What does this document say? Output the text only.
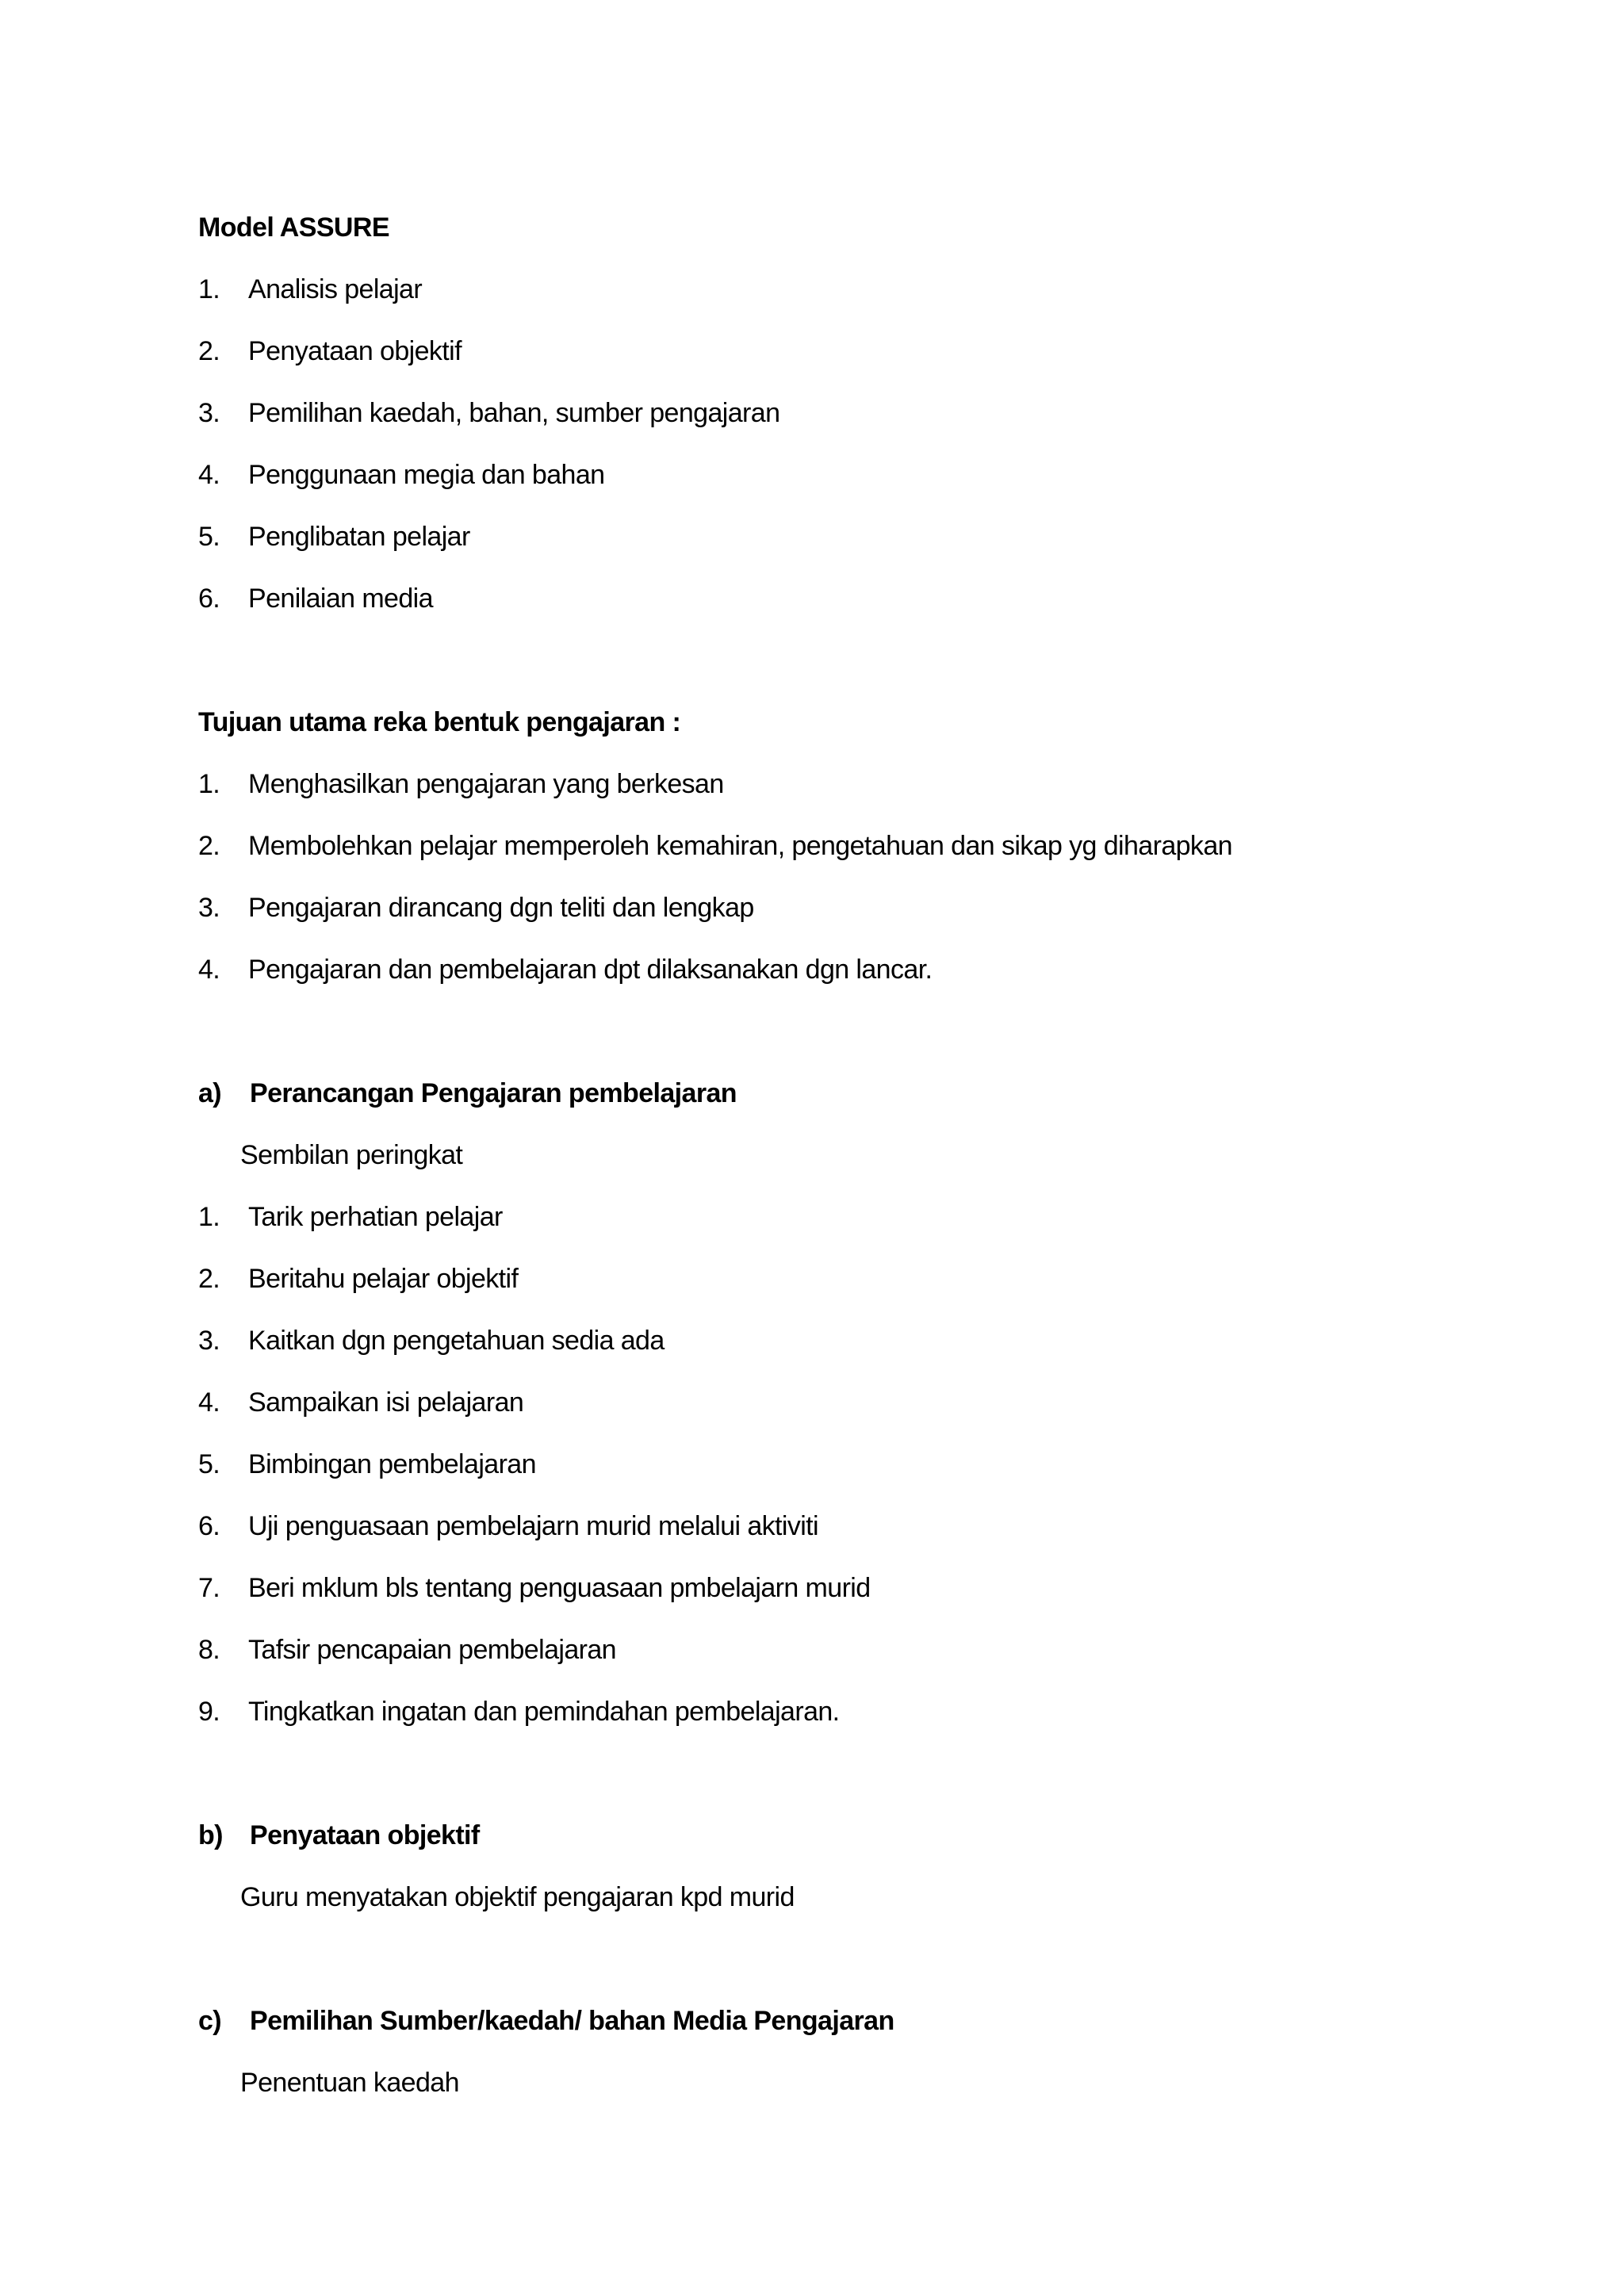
Model ASSURE
1.	Analisis pelajar
2.	Penyataan objektif
3.	Pemilihan kaedah, bahan, sumber pengajaran
4.	Penggunaan megia dan bahan
5.	Penglibatan pelajar
6.	Penilaian media
Tujuan utama reka bentuk pengajaran :
1.	Menghasilkan pengajaran yang berkesan
2.	Membolehkan pelajar memperoleh kemahiran, pengetahuan dan sikap yg diharapkan
3.	Pengajaran dirancang dgn teliti dan lengkap
4.	Pengajaran dan pembelajaran dpt dilaksanakan dgn lancar.
a) Perancangan Pengajaran pembelajaran
Sembilan peringkat
1.	Tarik perhatian pelajar
2.	Beritahu pelajar objektif
3.	Kaitkan dgn pengetahuan sedia ada
4.	Sampaikan isi pelajaran
5.	Bimbingan pembelajaran
6.	Uji penguasaan pembelajarn murid melalui aktiviti
7.	Beri mklum bls tentang penguasaan pmbelajarn murid
8.	Tafsir pencapaian pembelajaran
9.	Tingkatkan ingatan dan pemindahan pembelajaran.
b) Penyataan objektif
Guru menyatakan objektif pengajaran kpd murid
c) Pemilihan Sumber/kaedah/ bahan Media Pengajaran
Penentuan kaedah
